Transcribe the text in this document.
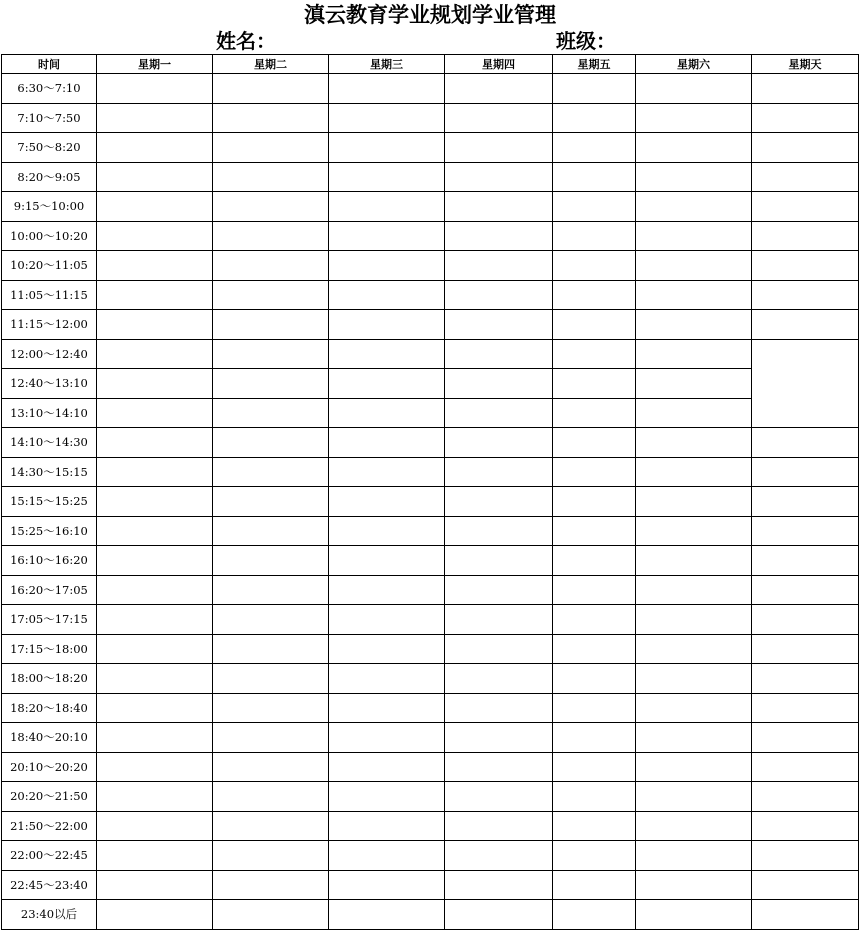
滇云教育学业规划学业管理
姓名：	班级：
时间	星期一	星期二	星期三	星期四	星期五	星期六	星期天
6:30～7:10							
7:10～7:50							
7:50～8:20							
8:20～9:05							
9:15～10:00							
10:00～10:20							
10:20～11:05							
11:05～11:15							
11:15～12:00							
12:00～12:40							
12:40～13:10							
13:10～14:10							
14:10～14:30							
14:30～15:15							
15:15～15:25							
15:25～16:10							
16:10～16:20							
16:20～17:05							
17:05～17:15							
17:15～18:00							
18:00～18:20							
18:20～18:40							
18:40～20:10							
20:10～20:20							
20:20～21:50							
21:50～22:00							
22:00～22:45							
22:45～23:40							
23:40以后							
